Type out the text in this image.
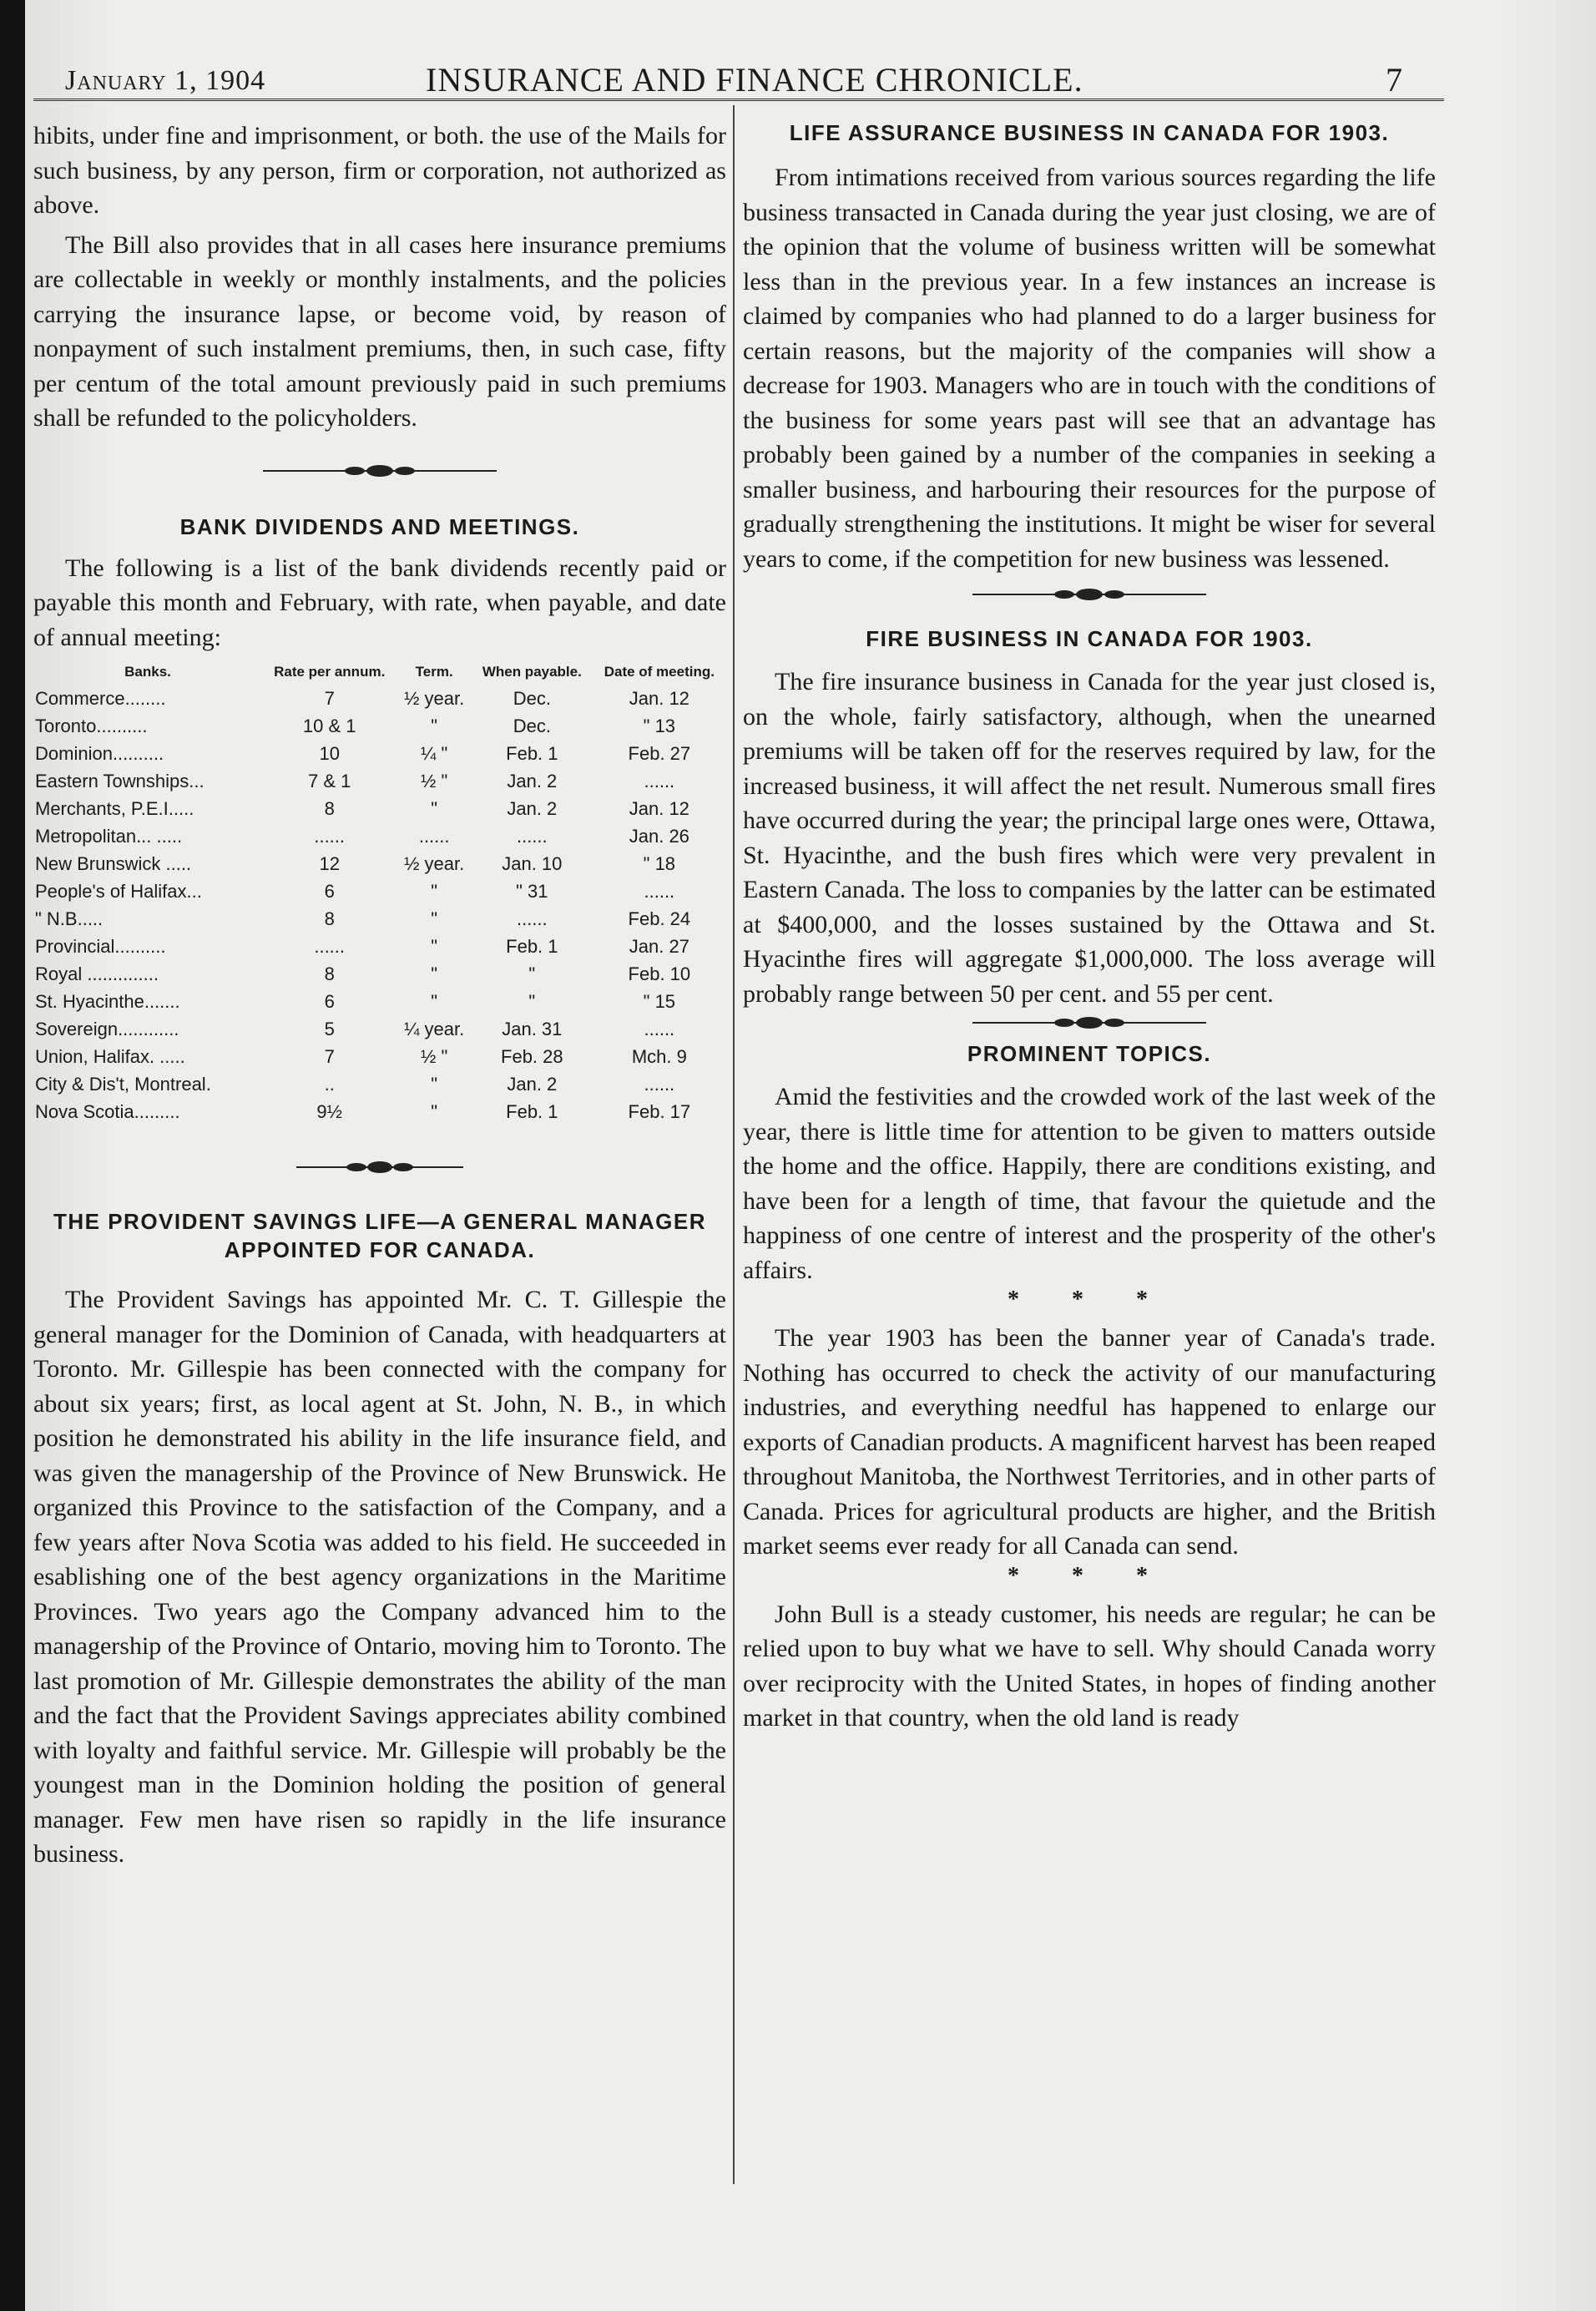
January 1, 1904	INSURANCE AND FINANCE CHRONICLE.	7

hibits, under fine and imprisonment, or both. the use of the Mails for such business, by any person, firm or corporation, not authorized as above.

The Bill also provides that in all cases here insurance premiums are collectable in weekly or monthly instalments, and the policies carrying the insurance lapse, or become void, by reason of nonpayment of such instalment premiums, then, in such case, fifty per centum of the total amount previously paid in such premiums shall be refunded to the policyholders.

BANK DIVIDENDS AND MEETINGS.

The following is a list of the bank dividends recently paid or payable this month and February, with rate, when payable, and date of annual meeting:

Banks.	Rate per annum.	Term.	When payable.	Date of meeting.
Commerce........	7	½ year.	Dec.	Jan. 12
Toronto..........	10 & 1	"	Dec.	" 13
Dominion..........	10	¼ "	Feb. 1	Feb. 27
Eastern Townships...	7 & 1	½ "	Jan. 2	......
Merchants, P.E.I.....	8	"	Jan. 2	Jan. 12
Metropolitan... .....	......	......	......	Jan. 26
New Brunswick .....	12	½ year.	Jan. 10	" 18
People's of Halifax...	6	"	" 31	......
" N.B.....	8	"	......	Feb. 24
Provincial..........	......	"	Feb. 1	Jan. 27
Royal ..............	8	"	"	Feb. 10
St. Hyacinthe.......	6	"	"	" 15
Sovereign............	5	¼ year.	Jan. 31	......
Union, Halifax. .....	7	½ "	Feb. 28	Mch. 9
City & Dis't, Montreal.	..	"	Jan. 2	......
Nova Scotia.........	9½	"	Feb. 1	Feb. 17
THE PROVIDENT SAVINGS LIFE—A GENERAL MANAGER APPOINTED FOR CANADA.

The Provident Savings has appointed Mr. C. T. Gillespie the general manager for the Dominion of Canada, with headquarters at Toronto. Mr. Gillespie has been connected with the company for about six years; first, as local agent at St. John, N. B., in which position he demonstrated his ability in the life insurance field, and was given the managership of the Province of New Brunswick. He organized this Province to the satisfaction of the Company, and a few years after Nova Scotia was added to his field. He succeeded in esablishing one of the best agency organizations in the Maritime Provinces. Two years ago the Company advanced him to the managership of the Province of Ontario, moving him to Toronto. The last promotion of Mr. Gillespie demonstrates the ability of the man and the fact that the Provident Savings appreciates ability combined with loyalty and faithful service. Mr. Gillespie will probably be the youngest man in the Dominion holding the position of general manager. Few men have risen so rapidly in the life insurance business.

LIFE ASSURANCE BUSINESS IN CANADA FOR 1903.

From intimations received from various sources regarding the life business transacted in Canada during the year just closing, we are of the opinion that the volume of business written will be somewhat less than in the previous year. In a few instances an increase is claimed by companies who had planned to do a larger business for certain reasons, but the majority of the companies will show a decrease for 1903. Managers who are in touch with the conditions of the business for some years past will see that an advantage has probably been gained by a number of the companies in seeking a smaller business, and harbouring their resources for the purpose of gradually strengthening the institutions. It might be wiser for several years to come, if the competition for new business was lessened.

FIRE BUSINESS IN CANADA FOR 1903.

The fire insurance business in Canada for the year just closed is, on the whole, fairly satisfactory, although, when the unearned premiums will be taken off for the reserves required by law, for the increased business, it will affect the net result. Numerous small fires have occurred during the year; the principal large ones were, Ottawa, St. Hyacinthe, and the bush fires which were very prevalent in Eastern Canada. The loss to companies by the latter can be estimated at $400,000, and the losses sustained by the Ottawa and St. Hyacinthe fires will aggregate $1,000,000. The loss average will probably range between 50 per cent. and 55 per cent.

PROMINENT TOPICS.

Amid the festivities and the crowded work of the last week of the year, there is little time for attention to be given to matters outside the home and the office. Happily, there are conditions existing, and have been for a length of time, that favour the quietude and the happiness of one centre of interest and the prosperity of the other's affairs.

* * *

The year 1903 has been the banner year of Canada's trade. Nothing has occurred to check the activity of our manufacturing industries, and everything needful has happened to enlarge our exports of Canadian products. A magnificent harvest has been reaped throughout Manitoba, the Northwest Territories, and in other parts of Canada. Prices for agricultural products are higher, and the British market seems ever ready for all Canada can send.

* * *

John Bull is a steady customer, his needs are regular; he can be relied upon to buy what we have to sell. Why should Canada worry over reciprocity with the United States, in hopes of finding another market in that country, when the old land is ready
